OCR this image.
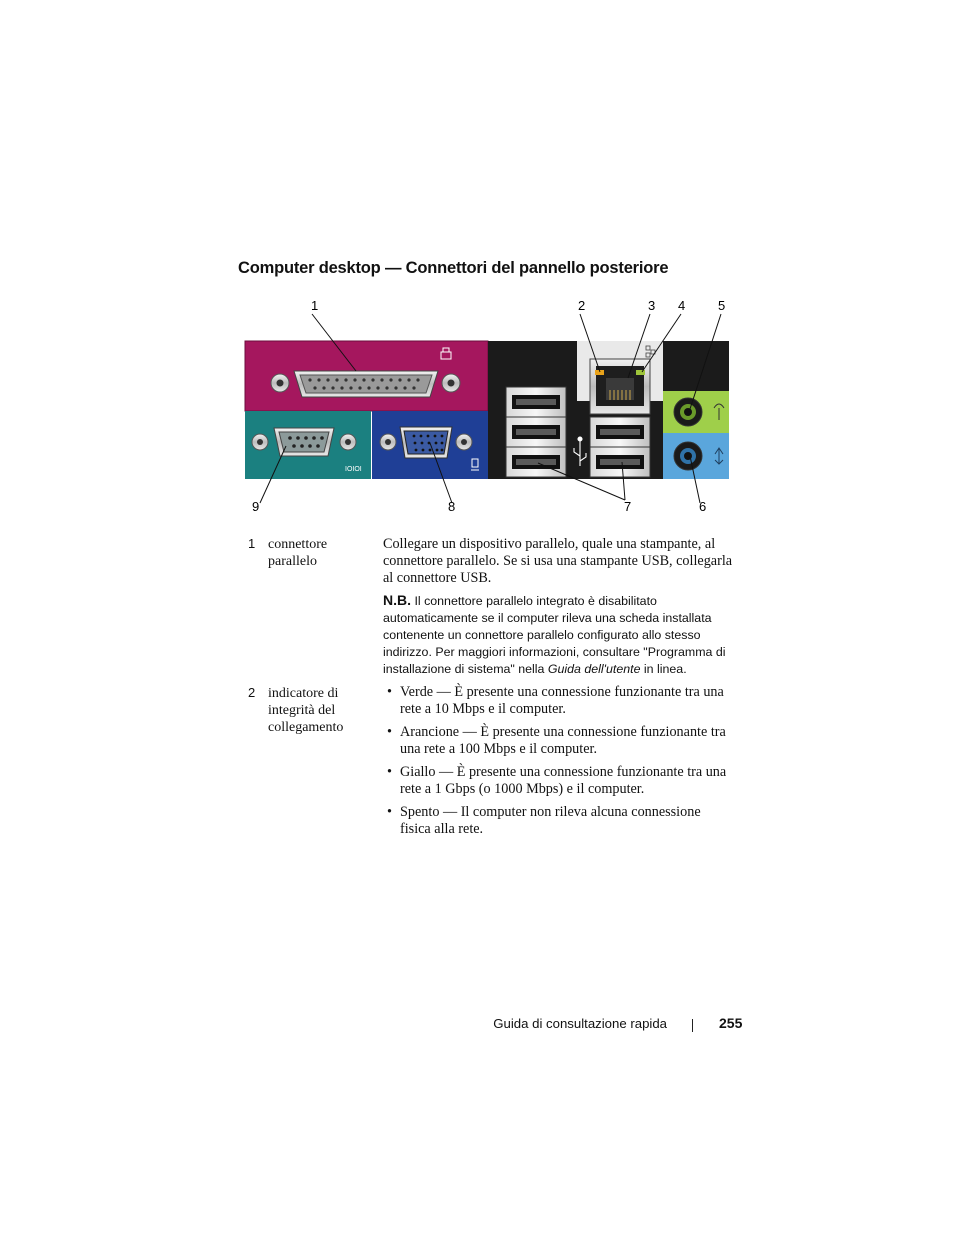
Computer desktop — Connettori del pannello posteriore
1	2	3 4	5
IOIOI
9	8	7	6
1 connettore parallelo
Collegare un dispositivo parallelo, quale una stampante, al connettore parallelo. Se si usa una stampante USB, collegarla al connettore USB.
N.B. Il connettore parallelo integrato è disabilitato automaticamente se il computer rileva una scheda installata contenente un connettore parallelo configurato allo stesso indirizzo. Per maggiori informazioni, consultare "Programma di installazione di sistema" nella Guida dell'utente in linea.
2 indicatore di integrità del collegamento
• Verde — È presente una connessione funzionante tra una rete a 10 Mbps e il computer.
• Arancione — È presente una connessione funzionante tra una rete a 100 Mbps e il computer.
• Giallo — È presente una connessione funzionante tra una rete a 1 Gbps (o 1000 Mbps) e il computer.
• Spento — Il computer non rileva alcuna connessione fisica alla rete.
Guida di consultazione rapida	255
